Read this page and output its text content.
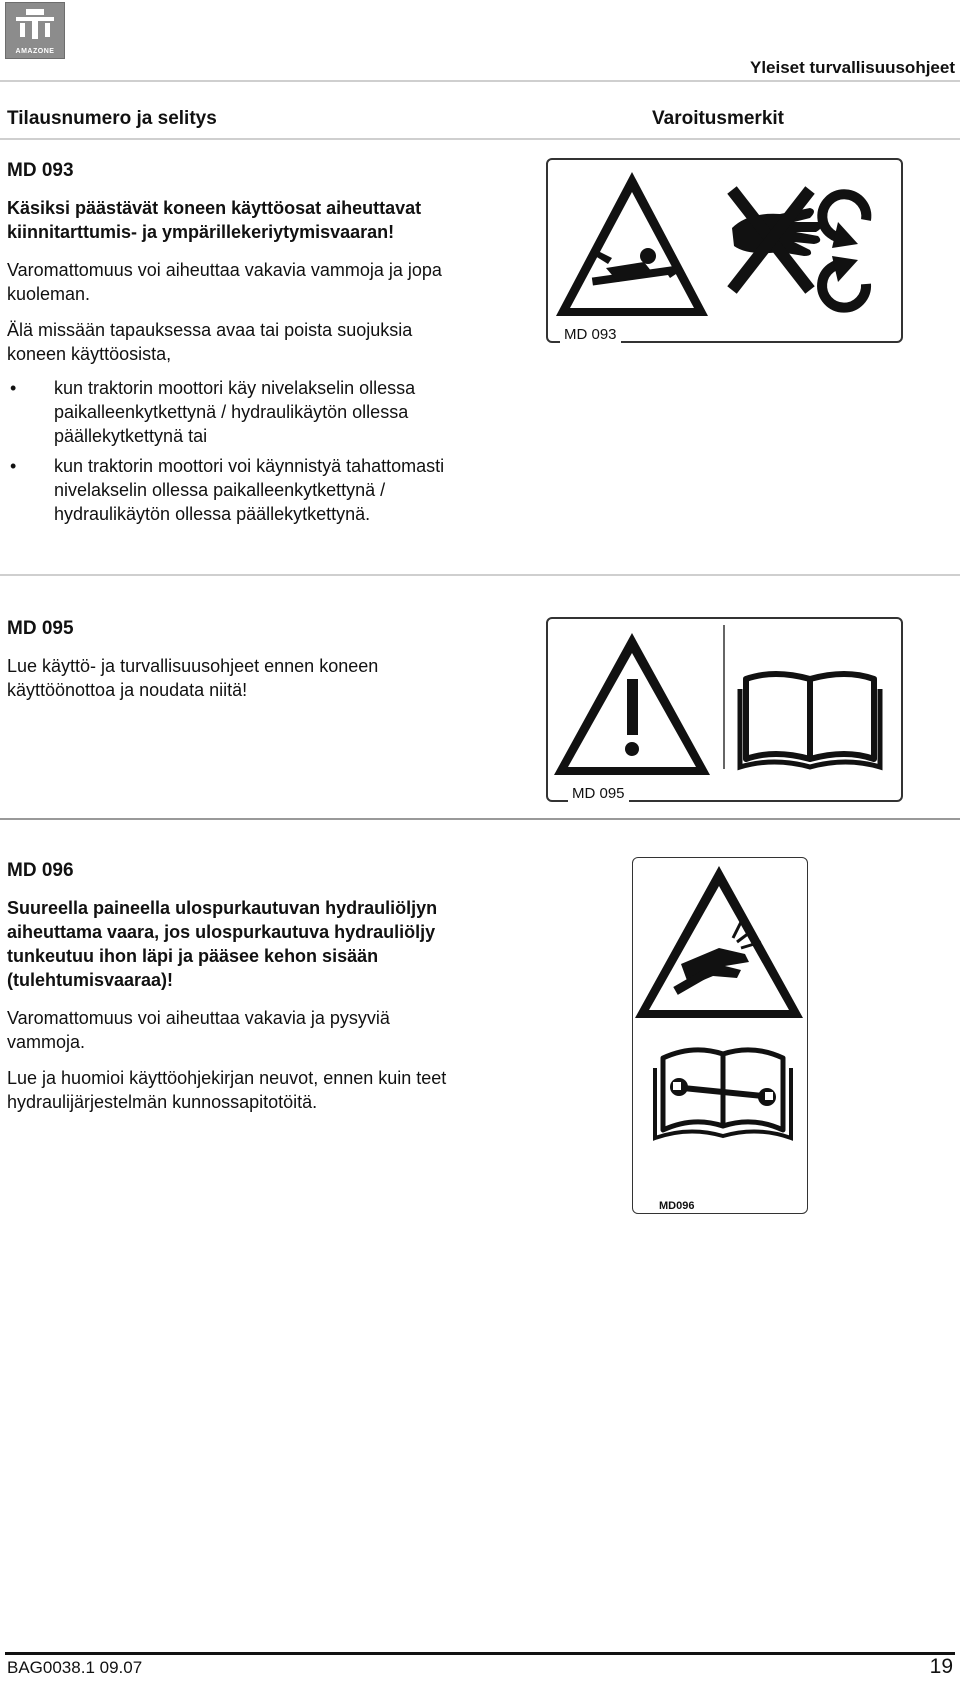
AMAZONE
Yleiset turvallisuusohjeet
Tilausnumero ja selitys	Varoitusmerkit
MD 093
Käsiksi päästävät koneen käyttöosat aiheuttavat kiinnitarttumis- ja ympärillekeriytymisvaaran!
Varomattomuus voi aiheuttaa vakavia vammoja ja jopa kuoleman.
Älä missään tapauksessa avaa tai poista suojuksia koneen käyttöosista,
• kun traktorin moottori käy nivelakselin ollessa paikalleenkytkettynä / hydraulikäytön ollessa päällekytkettynä tai
• kun traktorin moottori voi käynnistyä tahattomasti nivelakselin ollessa paikalleenkytkettynä / hydraulikäytön ollessa päällekytkettynä.
MD 093
MD 095
Lue käyttö- ja turvallisuusohjeet ennen koneen käyttöönottoa ja noudata niitä!
MD 095
MD 096
Suureella paineella ulospurkautuvan hydrauliöljyn aiheuttama vaara, jos ulospurkautuva hydrauliöljy tunkeutuu ihon läpi ja pääsee kehon sisään (tulehtumisvaaraa)!
Varomattomuus voi aiheuttaa vakavia ja pysyviä vammoja.
Lue ja huomioi käyttöohjekirjan neuvot, ennen kuin teet hydraulijärjestelmän kunnossapitotöitä.
MD096
BAG0038.1 09.07	19
